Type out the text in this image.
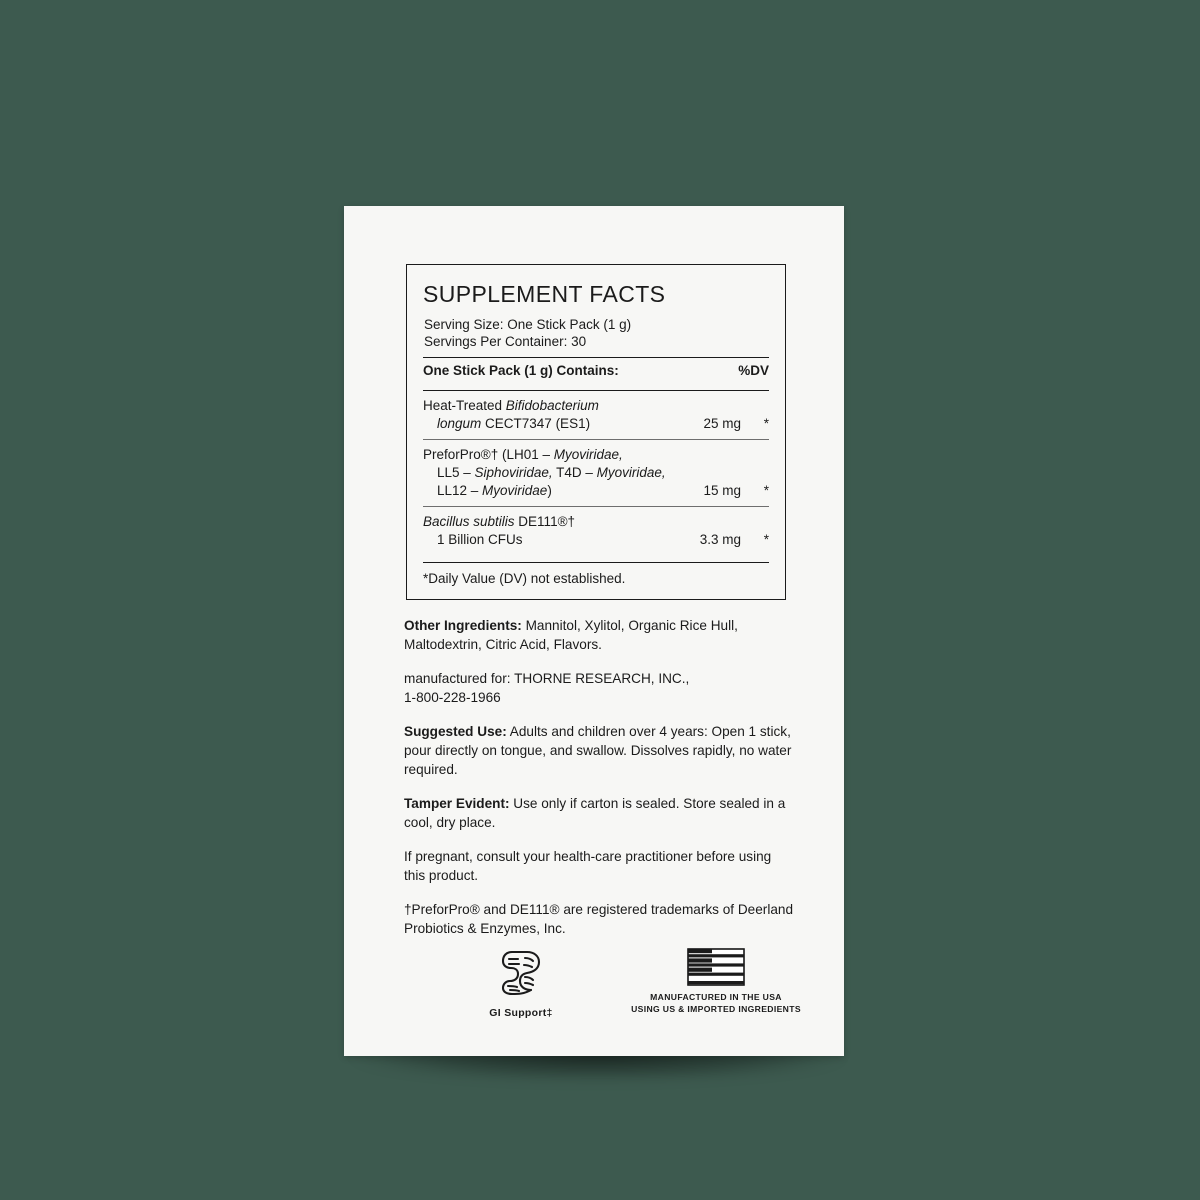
SUPPLEMENT FACTS
Serving Size: One Stick Pack (1 g)
Servings Per Container: 30
One Stick Pack (1 g) Contains:	%DV
Heat-Treated Bifidobacterium
longum CECT7347 (ES1)	25 mg	*
PreforPro®† (LH01 – Myoviridae,
LL5 – Siphoviridae, T4D – Myoviridae,
LL12 – Myoviridae)	15 mg	*
Bacillus subtilis DE111®†
1 Billion CFUs	3.3 mg	*
*Daily Value (DV) not established.

Other Ingredients: Mannitol, Xylitol, Organic Rice Hull, Maltodextrin, Citric Acid, Flavors.

manufactured for: THORNE RESEARCH, INC.,
1-800-228-1966

Suggested Use: Adults and children over 4 years: Open 1 stick, pour directly on tongue, and swallow. Dissolves rapidly, no water required.

Tamper Evident: Use only if carton is sealed. Store sealed in a cool, dry place.

If pregnant, consult your health-care practitioner before using this product.

†PreforPro® and DE111® are registered trademarks of Deerland Probiotics & Enzymes, Inc.

GI Support‡
MANUFACTURED IN THE USA
USING US & IMPORTED INGREDIENTS
